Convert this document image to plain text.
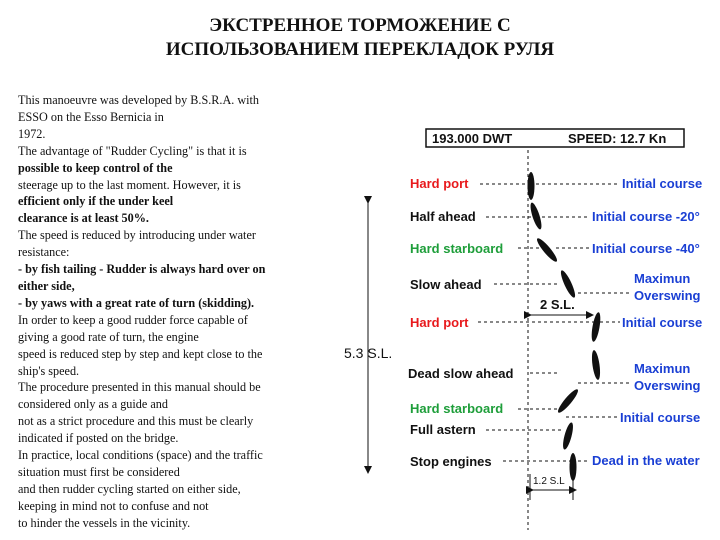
ЭКСТРЕННОЕ ТОРМОЖЕНИЕ С
ИСПОЛЬЗОВАНИЕМ ПЕРЕКЛАДОК РУЛЯ
This manoeuvre was developed by B.S.R.A. with
ESSO on the Esso Bernicia in
1972.
The advantage of "Rudder Cycling" is that it is
possible to keep control of the
steerage up to the last moment. However, it is
efficient only if the under keel
clearance is at least 50%.
The speed is reduced by introducing under water
resistance:
- by fish tailing - Rudder is always hard over on
either side,
- by yaws with a great rate of turn (skidding).
In order to keep a good rudder force capable of
giving a good rate of turn, the engine
speed is reduced step by step and kept close to the
ship's speed.
The procedure presented in this manual should be
considered only as a guide and
not as a strict procedure and this must be clearly
indicated if posted on the bridge.
In practice, local conditions (space) and the traffic
situation must first be considered
and then rudder cycling started on either side,
keeping in mind not to confuse and not
to hinder the vessels in the vicinity.
193.000 DWT	SPEED: 12.7 Kn
5.3 S.L.
2 S.L.
1.2 S.L
Hard port
Half ahead
Hard starboard
Slow ahead
Hard port
Dead slow ahead
Hard starboard
Full astern
Stop engines
Initial course
Initial course -20°
Initial course -40°
Maximun
Overswing
Initial course
Maximun
Overswing
Initial course
Dead in the water
